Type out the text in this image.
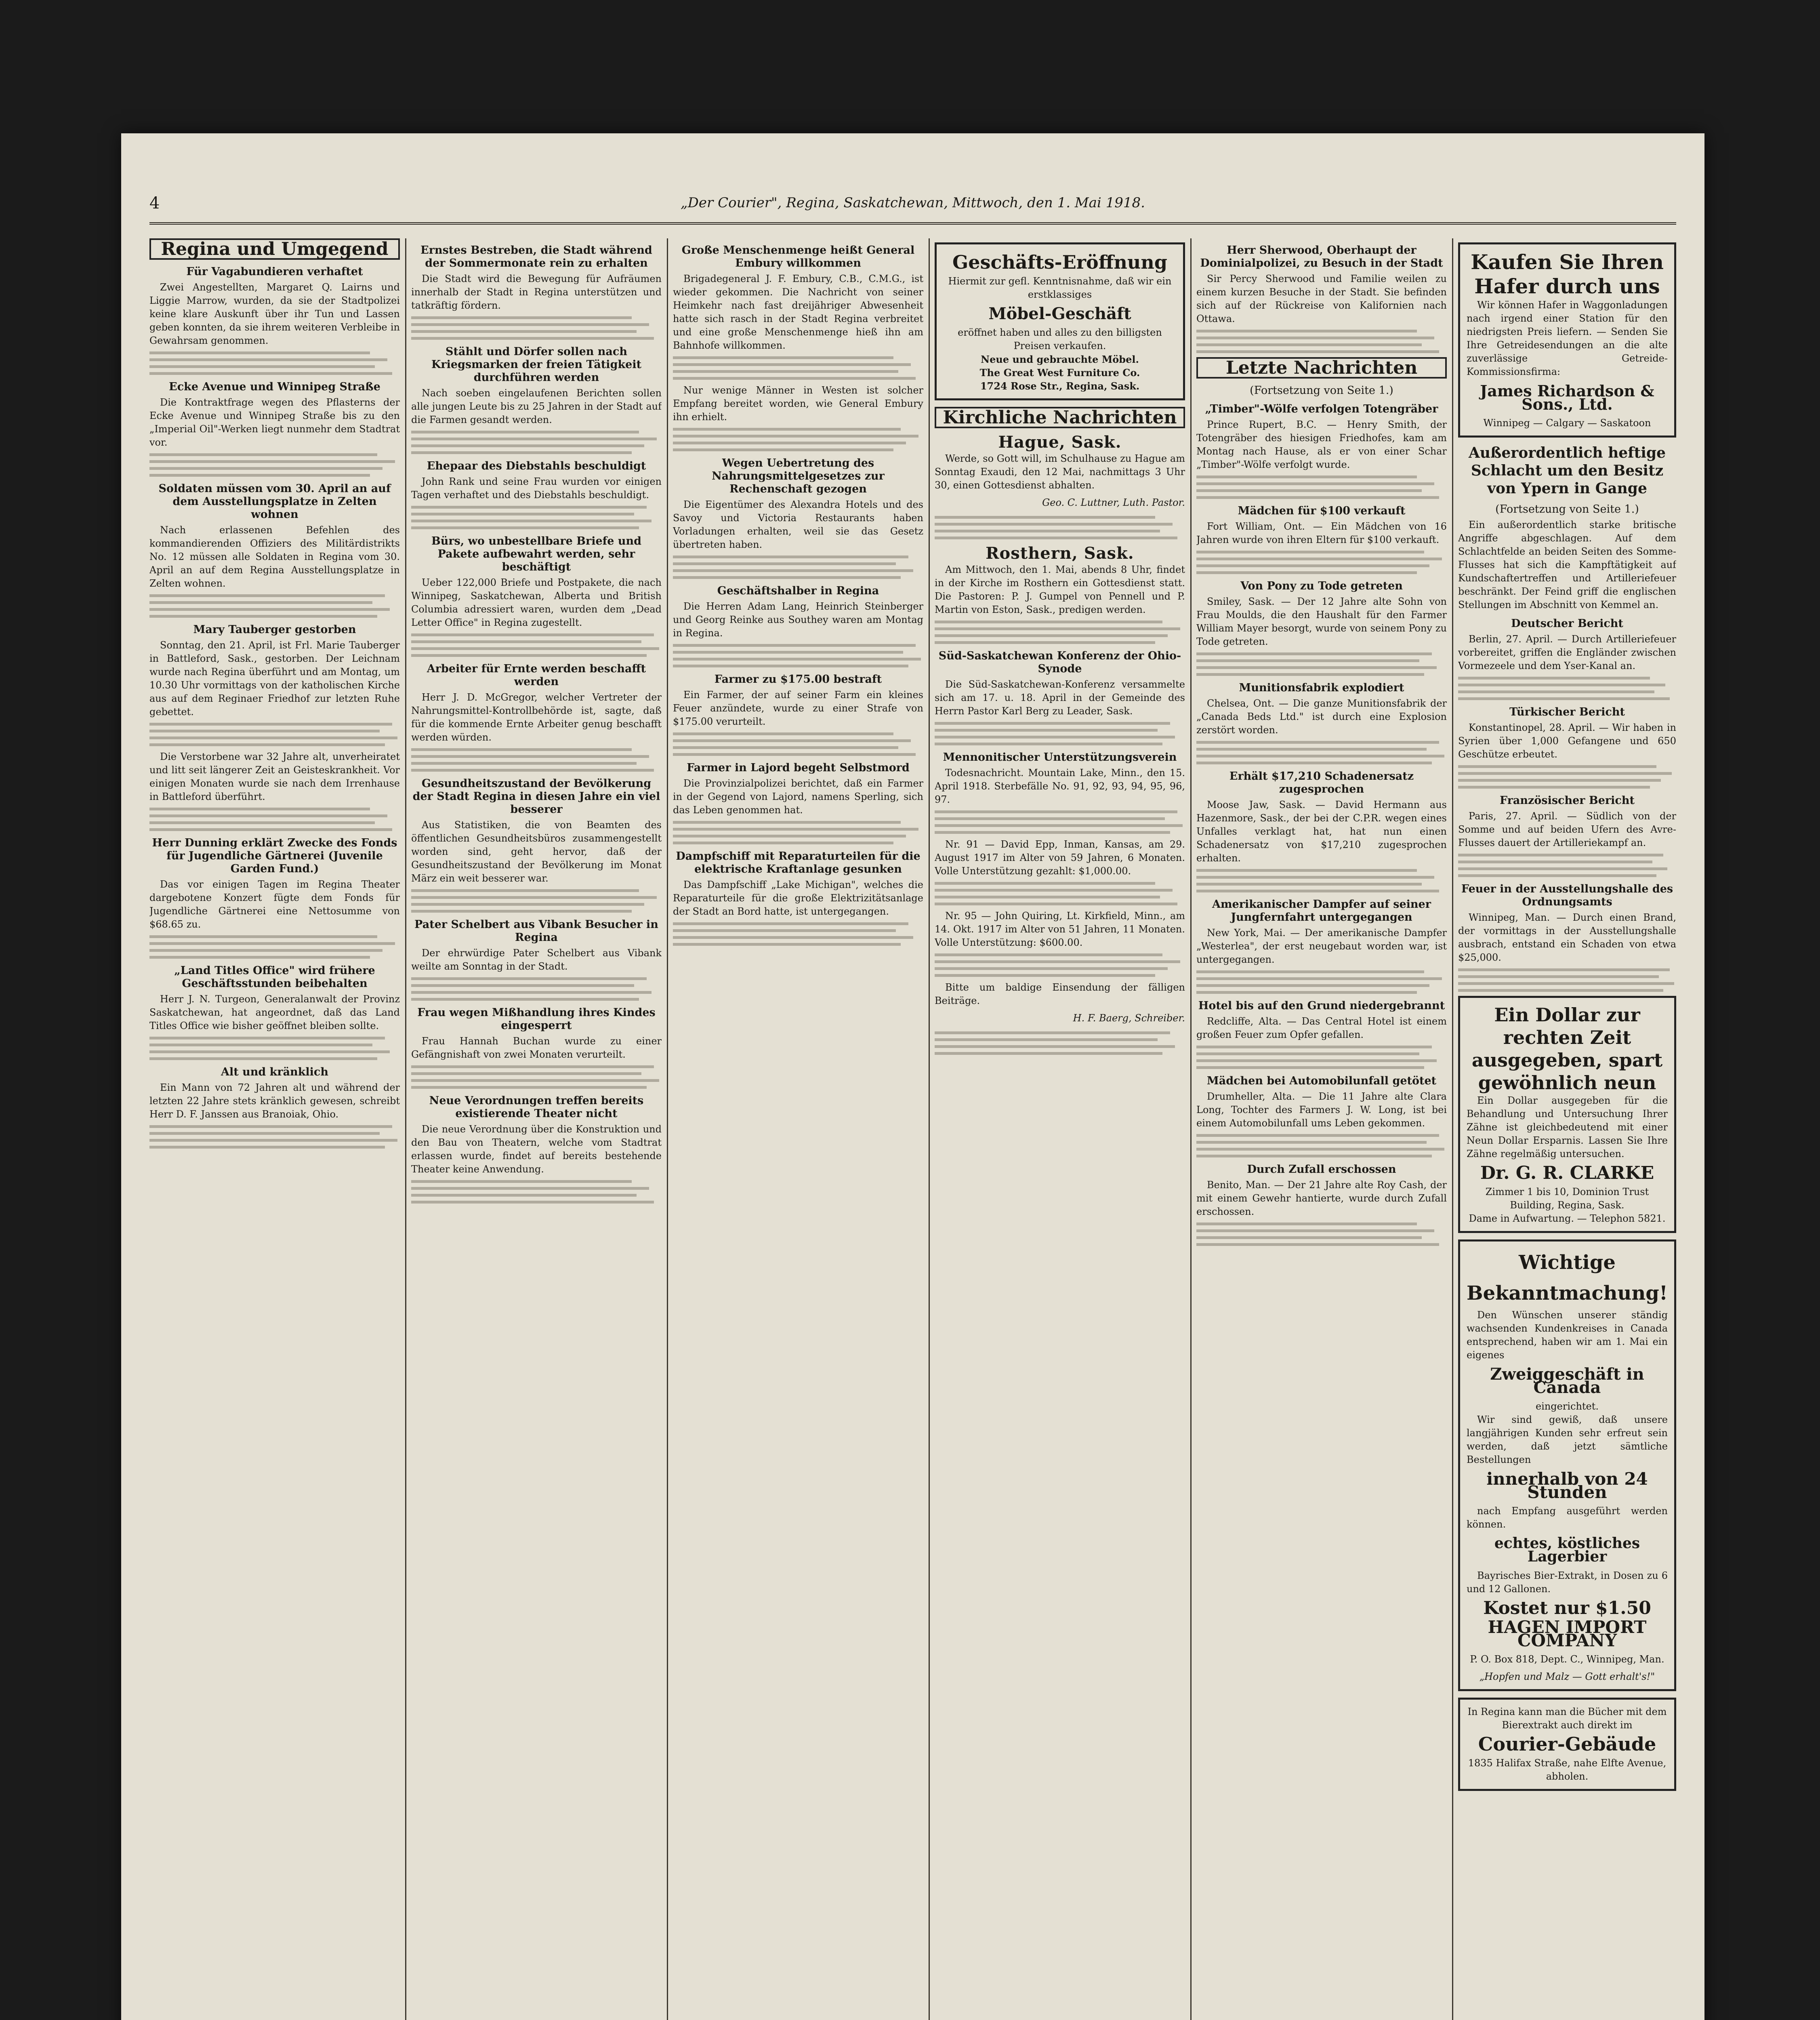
4	„Der Courier", Regina, Saskatchewan, Mittwoch, den 1. Mai 1918.
Regina und Umgegend
Für Vagabundieren verhaftet

Zwei Angestellten, Margaret Q. Lairns und Liggie Marrow, wurden, da sie der Stadtpolizei keine klare Auskunft über ihr Tun und Lassen geben konnten, da sie ihrem weiteren Verbleibe in Gewahrsam genommen.

Ecke Avenue und Winnipeg Straße

Die Kontraktfrage wegen des Pflasterns der Ecke Avenue und Winnipeg Straße bis zu den „Imperial Oil"-Werken liegt nunmehr dem Stadtrat vor.

Soldaten müssen vom 30. April an auf dem Ausstellungsplatze in Zelten wohnen

Nach erlassenen Befehlen des kommandierenden Offiziers des Militärdistrikts No. 12 müssen alle Soldaten in Regina vom 30. April an auf dem Regina Ausstellungsplatze in Zelten wohnen.

Mary Tauberger gestorben

Sonntag, den 21. April, ist Frl. Marie Tauberger in Battleford, Sask., gestorben. Der Leichnam wurde nach Regina überführt und am Montag, um 10.30 Uhr vormittags von der katholischen Kirche aus auf dem Reginaer Friedhof zur letzten Ruhe gebettet.

Die Verstorbene war 32 Jahre alt, unverheiratet und litt seit längerer Zeit an Geisteskrankheit. Vor einigen Monaten wurde sie nach dem Irrenhause in Battleford überführt.

Herr Dunning erklärt Zwecke des Fonds für Jugendliche Gärtnerei (Juvenile Garden Fund.)

Das vor einigen Tagen im Regina Theater dargebotene Konzert fügte dem Fonds für Jugendliche Gärtnerei eine Nettosumme von $68.65 zu.

„Land Titles Office" wird frühere Geschäftsstunden beibehalten

Herr J. N. Turgeon, Generalanwalt der Provinz Saskatchewan, hat angeordnet, daß das Land Titles Office wie bisher geöffnet bleiben sollte.

Alt und kränklich

Ein Mann von 72 Jahren alt und während der letzten 22 Jahre stets kränklich gewesen, schreibt Herr D. F. Janssen aus Branoiak, Ohio.

Ernstes Bestreben, die Stadt während der Sommermonate rein zu erhalten

Die Stadt wird die Bewegung für Aufräumen innerhalb der Stadt in Regina unterstützen und tatkräftig fördern.

Stählt und Dörfer sollen nach Kriegsmarken der freien Tätigkeit durchführen werden

Nach soeben eingelaufenen Berichten sollen alle jungen Leute bis zu 25 Jahren in der Stadt auf die Farmen gesandt werden.

Ehepaar des Diebstahls beschuldigt

John Rank und seine Frau wurden vor einigen Tagen verhaftet und des Diebstahls beschuldigt.

Bürs, wo unbestellbare Briefe und Pakete aufbewahrt werden, sehr beschäftigt

Ueber 122,000 Briefe und Postpakete, die nach Winnipeg, Saskatchewan, Alberta und British Columbia adressiert waren, wurden dem „Dead Letter Office" in Regina zugestellt.

Arbeiter für Ernte werden beschafft werden

Herr J. D. McGregor, welcher Vertreter der Nahrungsmittel-Kontrollbehörde ist, sagte, daß für die kommende Ernte Arbeiter genug beschafft werden würden.

Gesundheitszustand der Bevölkerung der Stadt Regina in diesen Jahre ein viel besserer

Aus Statistiken, die von Beamten des öffentlichen Gesundheitsbüros zusammengestellt worden sind, geht hervor, daß der Gesundheitszustand der Bevölkerung im Monat März ein weit besserer war.

Pater Schelbert aus Vibank Besucher in Regina

Der ehrwürdige Pater Schelbert aus Vibank weilte am Sonntag in der Stadt.

Frau wegen Mißhandlung ihres Kindes eingesperrt

Frau Hannah Buchan wurde zu einer Gefängnishaft von zwei Monaten verurteilt.

Neue Verordnungen treffen bereits existierende Theater nicht

Die neue Verordnung über die Konstruktion und den Bau von Theatern, welche vom Stadtrat erlassen wurde, findet auf bereits bestehende Theater keine Anwendung.

Große Menschenmenge heißt General Embury willkommen

Brigadegeneral J. F. Embury, C.B., C.M.G., ist wieder gekommen. Die Nachricht von seiner Heimkehr nach fast dreijähriger Abwesenheit hatte sich rasch in der Stadt Regina verbreitet und eine große Menschenmenge hieß ihn am Bahnhofe willkommen.

Nur wenige Männer in Westen ist solcher Empfang bereitet worden, wie General Embury ihn erhielt.

Wegen Uebertretung des Nahrungsmittelgesetzes zur Rechenschaft gezogen

Die Eigentümer des Alexandra Hotels und des Savoy und Victoria Restaurants haben Vorladungen erhalten, weil sie das Gesetz übertreten haben.

Geschäftshalber in Regina

Die Herren Adam Lang, Heinrich Steinberger und Georg Reinke aus Southey waren am Montag in Regina.

Farmer zu $175.00 bestraft

Ein Farmer, der auf seiner Farm ein kleines Feuer anzündete, wurde zu einer Strafe von $175.00 verurteilt.

Farmer in Lajord begeht Selbstmord

Die Provinzialpolizei berichtet, daß ein Farmer in der Gegend von Lajord, namens Sperling, sich das Leben genommen hat.

Dampfschiff mit Reparaturteilen für die elektrische Kraftanlage gesunken

Das Dampfschiff „Lake Michigan", welches die Reparaturteile für die große Elektrizitätsanlage der Stadt an Bord hatte, ist untergegangen.

Geschäfts-Eröffnung
Hiermit zur gefl. Kenntnisnahme, daß wir ein erstklassiges
Möbel-Geschäft
eröffnet haben und alles zu den billigsten Preisen verkaufen.
Neue und gebrauchte Möbel.
The Great West Furniture Co.
1724 Rose Str., Regina, Sask.
Kirchliche Nachrichten
Hague, Sask.

Werde, so Gott will, im Schulhause zu Hague am Sonntag Exaudi, den 12 Mai, nachmittags 3 Uhr 30, einen Gottesdienst abhalten.

Geo. C. Luttner, Luth. Pastor.
Rosthern, Sask.

Am Mittwoch, den 1. Mai, abends 8 Uhr, findet in der Kirche im Rosthern ein Gottesdienst statt. Die Pastoren: P. J. Gumpel von Pennell und P. Martin von Eston, Sask., predigen werden.

Süd-Saskatchewan Konferenz der Ohio-Synode

Die Süd-Saskatchewan-Konferenz versammelte sich am 17. u. 18. April in der Gemeinde des Herrn Pastor Karl Berg zu Leader, Sask.

Mennonitischer Unterstützungsverein

Todesnachricht. Mountain Lake, Minn., den 15. April 1918. Sterbefälle No. 91, 92, 93, 94, 95, 96, 97.

Nr. 91 — David Epp, Inman, Kansas, am 29. August 1917 im Alter von 59 Jahren, 6 Monaten. Volle Unterstützung gezahlt: $1,000.00.

Nr. 95 — John Quiring, Lt. Kirkfield, Minn., am 14. Okt. 1917 im Alter von 51 Jahren, 11 Monaten. Volle Unterstützung: $600.00.

Bitte um baldige Einsendung der fälligen Beiträge.

H. F. Baerg, Schreiber.
Herr Sherwood, Oberhaupt der Dominialpolizei, zu Besuch in der Stadt

Sir Percy Sherwood und Familie weilen zu einem kurzen Besuche in der Stadt. Sie befinden sich auf der Rückreise von Kalifornien nach Ottawa.

Letzte Nachrichten
(Fortsetzung von Seite 1.)
„Timber"-Wölfe verfolgen Totengräber

Prince Rupert, B.C. — Henry Smith, der Totengräber des hiesigen Friedhofes, kam am Montag nach Hause, als er von einer Schar „Timber"-Wölfe verfolgt wurde.

Mädchen für $100 verkauft

Fort William, Ont. — Ein Mädchen von 16 Jahren wurde von ihren Eltern für $100 verkauft.

Von Pony zu Tode getreten

Smiley, Sask. — Der 12 Jahre alte Sohn von Frau Moulds, die den Haushalt für den Farmer William Mayer besorgt, wurde von seinem Pony zu Tode getreten.

Munitionsfabrik explodiert

Chelsea, Ont. — Die ganze Munitionsfabrik der „Canada Beds Ltd." ist durch eine Explosion zerstört worden.

Erhält $17,210 Schadenersatz zugesprochen

Moose Jaw, Sask. — David Hermann aus Hazenmore, Sask., der bei der C.P.R. wegen eines Unfalles verklagt hat, hat nun einen Schadenersatz von $17,210 zugesprochen erhalten.

Amerikanischer Dampfer auf seiner Jungfernfahrt untergegangen

New York, Mai. — Der amerikanische Dampfer „Westerlea", der erst neugebaut worden war, ist untergegangen.

Hotel bis auf den Grund niedergebrannt

Redcliffe, Alta. — Das Central Hotel ist einem großen Feuer zum Opfer gefallen.

Mädchen bei Automobilunfall getötet

Drumheller, Alta. — Die 11 Jahre alte Clara Long, Tochter des Farmers J. W. Long, ist bei einem Automobilunfall ums Leben gekommen.

Durch Zufall erschossen

Benito, Man. — Der 21 Jahre alte Roy Cash, der mit einem Gewehr hantierte, wurde durch Zufall erschossen.

Kaufen Sie Ihren Hafer durch uns

Wir können Hafer in Waggonladungen nach irgend einer Station für den niedrigsten Preis liefern. — Senden Sie Ihre Getreidesendungen an die alte zuverlässige Getreide-Kommissionsfirma:

James Richardson & Sons., Ltd.
Winnipeg — Calgary — Saskatoon
Außerordentlich heftige Schlacht um den Besitz von Ypern in Gange
(Fortsetzung von Seite 1.)

Ein außerordentlich starke britische Angriffe abgeschlagen. Auf dem Schlachtfelde an beiden Seiten des Somme-Flusses hat sich die Kampftätigkeit auf Kundschaftertreffen und Artilleriefeuer beschränkt. Der Feind griff die englischen Stellungen im Abschnitt von Kemmel an.

Deutscher Bericht

Berlin, 27. April. — Durch Artilleriefeuer vorbereitet, griffen die Engländer zwischen Vormezeele und dem Yser-Kanal an.

Türkischer Bericht

Konstantinopel, 28. April. — Wir haben in Syrien über 1,000 Gefangene und 650 Geschütze erbeutet.

Französischer Bericht

Paris, 27. April. — Südlich von der Somme und auf beiden Ufern des Avre-Flusses dauert der Artilleriekampf an.

Feuer in der Ausstellungshalle des Ordnungsamts

Winnipeg, Man. — Durch einen Brand, der vormittags in der Ausstellungshalle ausbrach, entstand ein Schaden von etwa $25,000.

Ein Dollar zur rechten Zeit ausgegeben, spart gewöhnlich neun

Ein Dollar ausgegeben für die Behandlung und Untersuchung Ihrer Zähne ist gleichbedeutend mit einer Neun Dollar Ersparnis. Lassen Sie Ihre Zähne regelmäßig untersuchen.

Dr. G. R. CLARKE
Zimmer 1 bis 10, Dominion Trust Building, Regina, Sask.
Dame in Aufwartung. — Telephon 5821.
Wichtige Bekanntmachung!

Den Wünschen unserer ständig wachsenden Kundenkreises in Canada entsprechend, haben wir am 1. Mai ein eigenes

Zweiggeschäft in Canada
eingerichtet.

Wir sind gewiß, daß unsere langjährigen Kunden sehr erfreut sein werden, daß jetzt sämtliche Bestellungen

innerhalb von 24 Stunden

nach Empfang ausgeführt werden können.

echtes, köstliches Lagerbier

Bayrisches Bier-Extrakt, in Dosen zu 6 und 12 Gallonen.

Kostet nur $1.50
HAGEN IMPORT COMPANY
P. O. Box 818, Dept. C., Winnipeg, Man.
„Hopfen und Malz — Gott erhalt's!"
In Regina kann man die Bücher mit dem Bierextrakt auch direkt im
Courier-Gebäude
1835 Halifax Straße, nahe Elfte Avenue, abholen.
